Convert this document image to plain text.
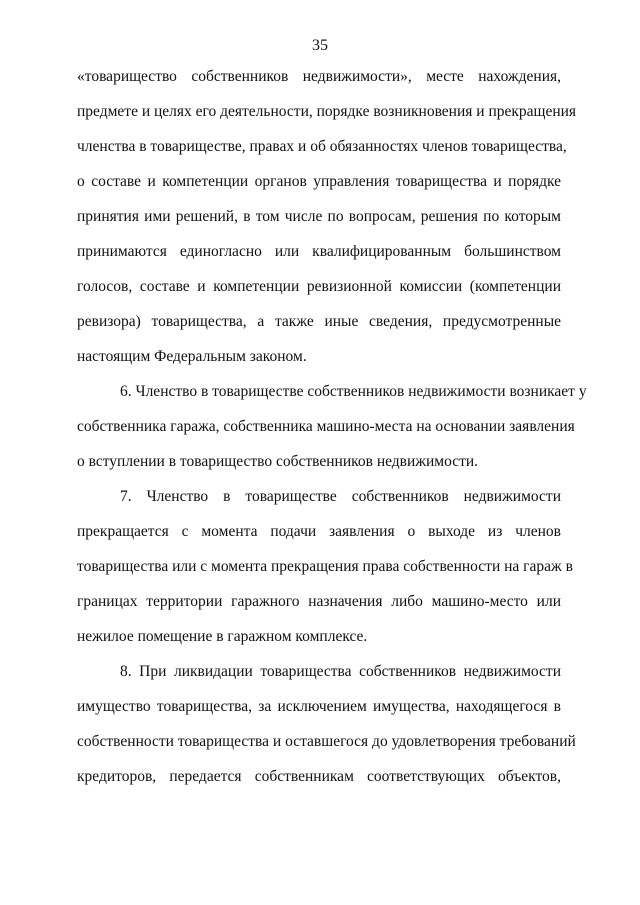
35
«товарищество собственников недвижимости», месте нахождения,
предмете и целях его деятельности, порядке возникновения и прекращения
членства в товариществе, правах и об обязанностях членов товарищества,
о составе и компетенции органов управления товарищества и порядке
принятия ими решений, в том числе по вопросам, решения по которым
принимаются единогласно или квалифицированным большинством
голосов, составе и компетенции ревизионной комиссии (компетенции
ревизора) товарищества, а также иные сведения, предусмотренные
настоящим Федеральным законом.
6. Членство в товариществе собственников недвижимости возникает у
собственника гаража, собственника машино-места на основании заявления
о вступлении в товарищество собственников недвижимости.
7. Членство в товариществе собственников недвижимости
прекращается с момента подачи заявления о выходе из членов
товарищества или с момента прекращения права собственности на гараж в
границах территории гаражного назначения либо машино-место или
нежилое помещение в гаражном комплексе.
8. При ликвидации товарищества собственников недвижимости
имущество товарищества, за исключением имущества, находящегося в
собственности товарищества и оставшегося до удовлетворения требований
кредиторов, передается собственникам соответствующих объектов,
